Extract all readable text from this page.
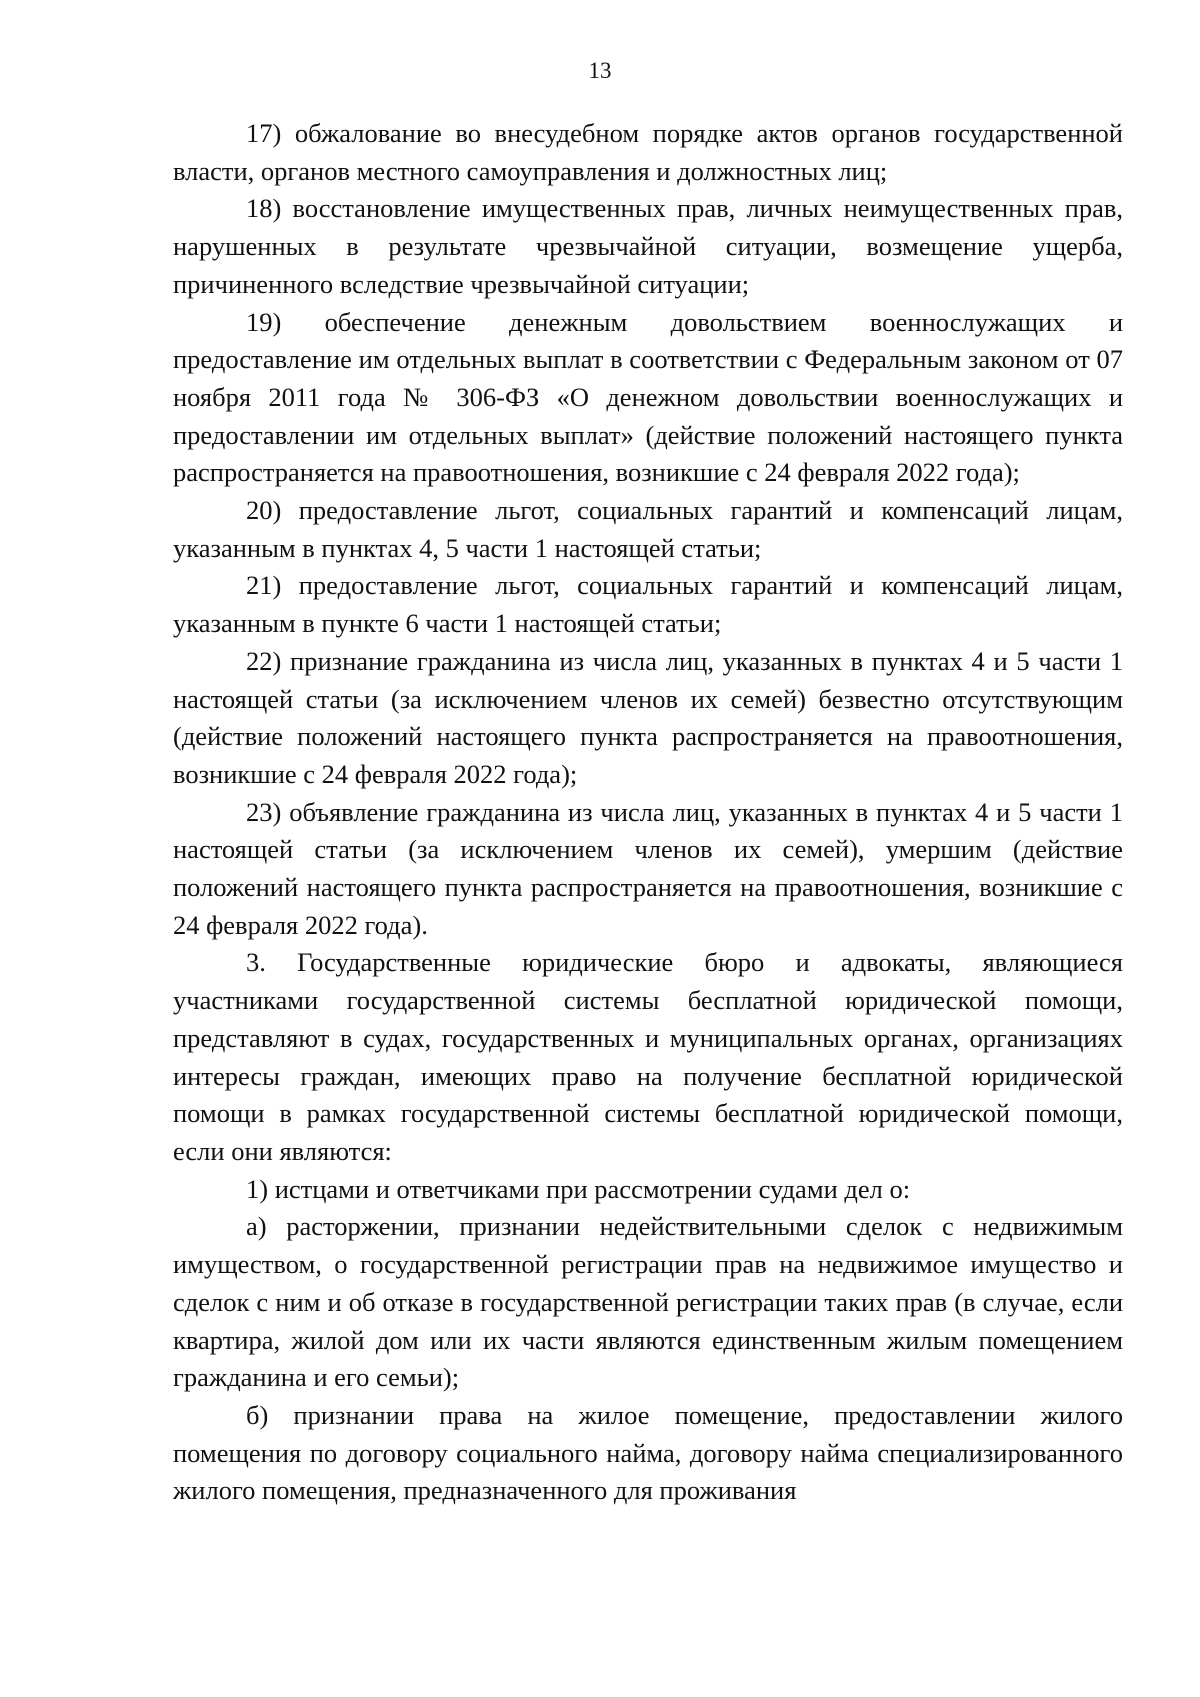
13

17) обжалование во внесудебном порядке актов органов государственной власти, органов местного самоуправления и должностных лиц;

18) восстановление имущественных прав, личных неимущественных прав, нарушенных в результате чрезвычайной ситуации, возмещение ущерба, причиненного вследствие чрезвычайной ситуации;

19) обеспечение денежным довольствием военнослужащих и предоставление им отдельных выплат в соответствии с Федеральным законом от 07 ноября 2011 года № 306-ФЗ «О денежном довольствии военнослужащих и предоставлении им отдельных выплат» (действие положений настоящего пункта распространяется на правоотношения, возникшие с 24 февраля 2022 года);

20) предоставление льгот, социальных гарантий и компенсаций лицам, указанным в пунктах 4, 5 части 1 настоящей статьи;

21) предоставление льгот, социальных гарантий и компенсаций лицам, указанным в пункте 6 части 1 настоящей статьи;

22) признание гражданина из числа лиц, указанных в пунктах 4 и 5 части 1 настоящей статьи (за исключением членов их семей) безвестно отсутствующим (действие положений настоящего пункта распространяется на правоотношения, возникшие с 24 февраля 2022 года);

23) объявление гражданина из числа лиц, указанных в пунктах 4 и 5 части 1 настоящей статьи (за исключением членов их семей), умершим (действие положений настоящего пункта распространяется на правоотношения, возникшие с 24 февраля 2022 года).

3. Государственные юридические бюро и адвокаты, являющиеся участниками государственной системы бесплатной юридической помощи, представляют в судах, государственных и муниципальных органах, организациях интересы граждан, имеющих право на получение бесплатной юридической помощи в рамках государственной системы бесплатной юридической помощи, если они являются:

1) истцами и ответчиками при рассмотрении судами дел о:

а) расторжении, признании недействительными сделок с недвижимым имуществом, о государственной регистрации прав на недвижимое имущество и сделок с ним и об отказе в государственной регистрации таких прав (в случае, если квартира, жилой дом или их части являются единственным жилым помещением гражданина и его семьи);

б) признании права на жилое помещение, предоставлении жилого помещения по договору социального найма, договору найма специализированного жилого помещения, предназначенного для проживания
